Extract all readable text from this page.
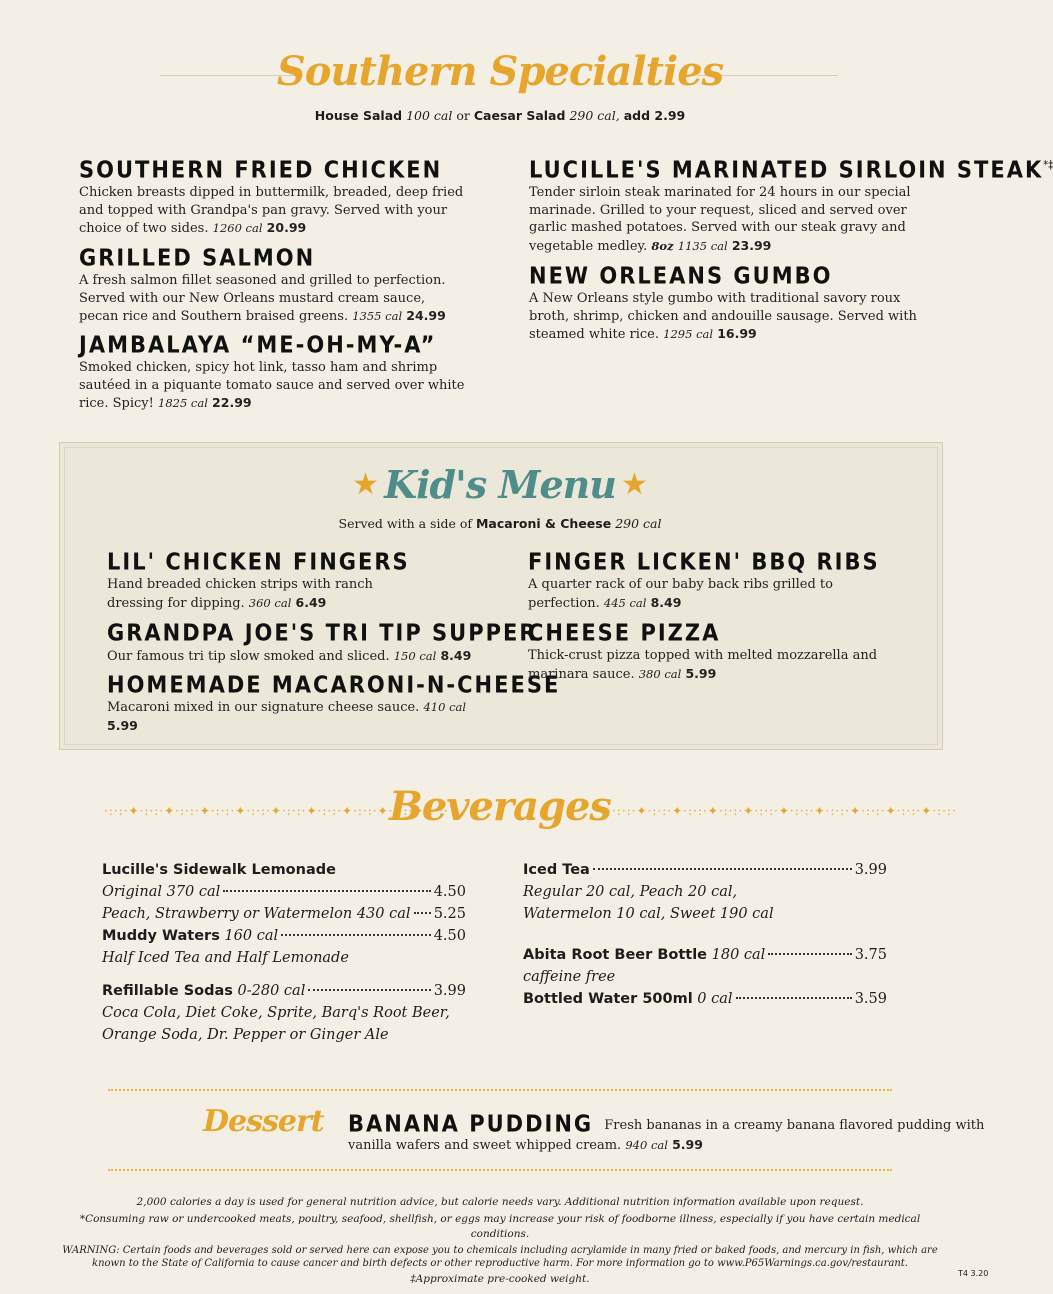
Southern Specialties
House Salad 100 cal or Caesar Salad 290 cal, add 2.99
SOUTHERN FRIED CHICKEN
Chicken breasts dipped in buttermilk, breaded, deep fried and topped with Grandpa's pan gravy. Served with your choice of two sides. 1260 cal 20.99
GRILLED SALMON
A fresh salmon fillet seasoned and grilled to perfection. Served with our New Orleans mustard cream sauce, pecan rice and Southern braised greens. 1355 cal 24.99
JAMBALAYA “ME-OH-MY-A”
Smoked chicken, spicy hot link, tasso ham and shrimp sautéed in a piquante tomato sauce and served over white rice. Spicy! 1825 cal 22.99
LUCILLE'S MARINATED SIRLOIN STEAK*‡
Tender sirloin steak marinated for 24 hours in our special marinade. Grilled to your request, sliced and served over garlic mashed potatoes. Served with our steak gravy and vegetable medley. 8oz 1135 cal 23.99
NEW ORLEANS GUMBO
A New Orleans style gumbo with traditional savory roux broth, shrimp, chicken and andouille sausage. Served with steamed white rice. 1295 cal 16.99
★ Kid's Menu ★
Served with a side of Macaroni & Cheese 290 cal
LIL' CHICKEN FINGERS
Hand breaded chicken strips with ranch dressing for dipping. 360 cal 6.49
GRANDPA JOE'S TRI TIP SUPPER
Our famous tri tip slow smoked and sliced. 150 cal 8.49
HOMEMADE MACARONI-N-CHEESE
Macaroni mixed in our signature cheese sauce. 410 cal 5.99
FINGER LICKEN' BBQ RIBS
A quarter rack of our baby back ribs grilled to perfection. 445 cal 8.49
CHEESE PIZZA
Thick-crust pizza topped with melted mozzarella and marinara sauce. 380 cal 5.99
·:·:·✦·:·:·✦·:·:·✦·:·:·✦·:·:·✦·:·:·✦·:·:·✦·:·:·✦·:·:·✦·:·:·	·:·:·✦·:·:·✦·:·:·✦·:·:·✦·:·:·✦·:·:·✦·:·:·✦·:·:·✦·:·:·✦·:·:·
Beverages
Lucille's Sidewalk Lemonade
Original 370 cal	4.50
Peach, Strawberry or Watermelon 430 cal 5.25
Muddy Waters
160 cal	4.50
Half Iced Tea and Half Lemonade
Refillable Sodas
0-280 cal	3.99
Coca Cola, Diet Coke, Sprite, Barq's Root Beer,
Orange Soda, Dr. Pepper or Ginger Ale
Iced Tea	3.99
Regular 20 cal, Peach 20 cal,
Watermelon 10 cal, Sweet 190 cal
Abita Root Beer Bottle
180 cal	3.75
caffeine free
Bottled Water 500ml
0 cal	3.59
Dessert BANANA PUDDING Fresh bananas in a creamy banana flavored pudding with
vanilla wafers and sweet whipped cream. 940 cal 5.99
2,000 calories a day is used for general nutrition advice, but calorie needs vary. Additional nutrition information available upon request.
*Consuming raw or undercooked meats, poultry, seafood, shellfish, or eggs may increase your risk of foodborne illness, especially if you have certain medical conditions.
WARNING: Certain foods and beverages sold or served here can expose you to chemicals including acrylamide in many fried or baked foods, and mercury in fish, which are
known to the State of California to cause cancer and birth defects or other reproductive harm. For more information go to www.P65Warnings.ca.gov/restaurant.
‡Approximate pre-cooked weight.	T4 3.20
